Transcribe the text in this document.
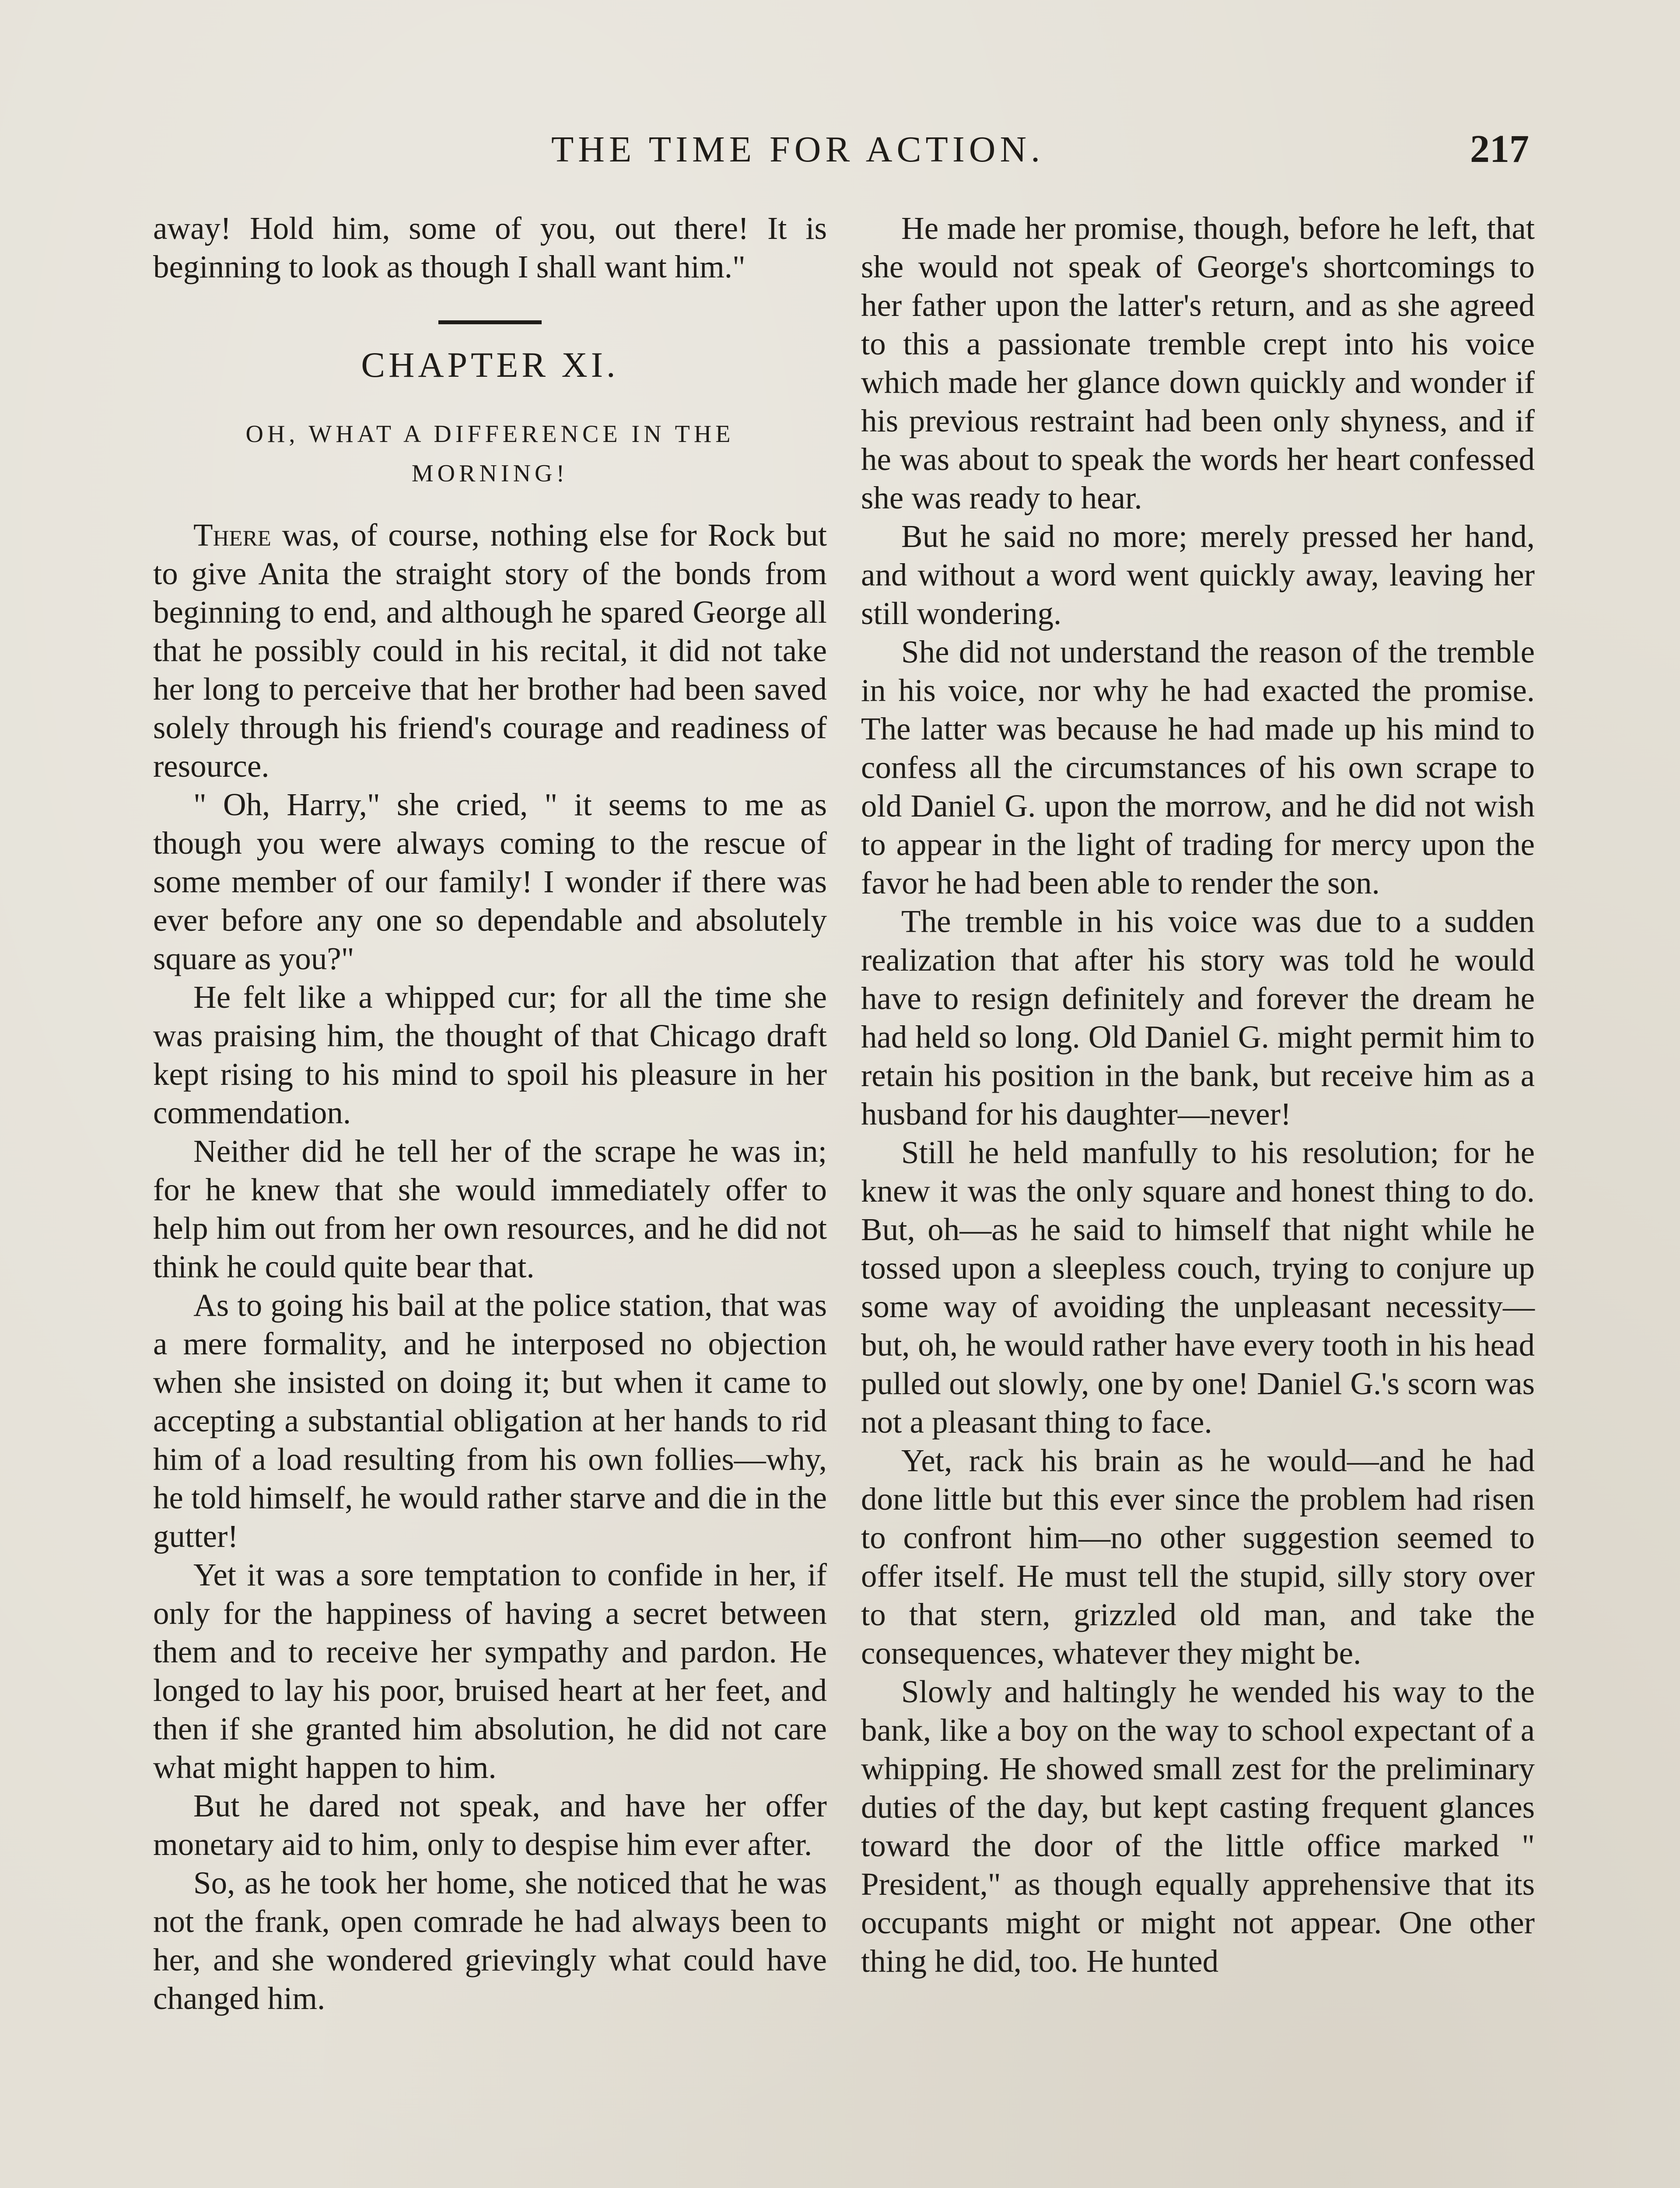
THE TIME FOR ACTION.	217

away! Hold him, some of you, out there! It is beginning to look as though I shall want him."

CHAPTER XI.
OH, WHAT A DIFFERENCE IN THE MORNING!

There was, of course, nothing else for Rock but to give Anita the straight story of the bonds from beginning to end, and although he spared George all that he possibly could in his recital, it did not take her long to perceive that her brother had been saved solely through his friend's courage and readiness of resource.

" Oh, Harry," she cried, " it seems to me as though you were always coming to the rescue of some member of our family! I wonder if there was ever before any one so dependable and absolutely square as you?"

He felt like a whipped cur; for all the time she was praising him, the thought of that Chicago draft kept rising to his mind to spoil his pleasure in her commendation.

Neither did he tell her of the scrape he was in; for he knew that she would immediately offer to help him out from her own resources, and he did not think he could quite bear that.

As to going his bail at the police station, that was a mere formality, and he interposed no objection when she insisted on doing it; but when it came to accepting a substantial obligation at her hands to rid him of a load resulting from his own follies—why, he told himself, he would rather starve and die in the gutter!

Yet it was a sore temptation to confide in her, if only for the happiness of having a secret between them and to receive her sympathy and pardon. He longed to lay his poor, bruised heart at her feet, and then if she granted him absolution, he did not care what might happen to him.

But he dared not speak, and have her offer monetary aid to him, only to despise him ever after.

So, as he took her home, she noticed that he was not the frank, open comrade he had always been to her, and she wondered grievingly what could have changed him.

He made her promise, though, before he left, that she would not speak of George's shortcomings to her father upon the latter's return, and as she agreed to this a passionate tremble crept into his voice which made her glance down quickly and wonder if his previous restraint had been only shyness, and if he was about to speak the words her heart confessed she was ready to hear.

But he said no more; merely pressed her hand, and without a word went quickly away, leaving her still wondering.

She did not understand the reason of the tremble in his voice, nor why he had exacted the promise. The latter was because he had made up his mind to confess all the circumstances of his own scrape to old Daniel G. upon the morrow, and he did not wish to appear in the light of trading for mercy upon the favor he had been able to render the son.

The tremble in his voice was due to a sudden realization that after his story was told he would have to resign definitely and forever the dream he had held so long. Old Daniel G. might permit him to retain his position in the bank, but receive him as a husband for his daughter—never!

Still he held manfully to his resolution; for he knew it was the only square and honest thing to do. But, oh—as he said to himself that night while he tossed upon a sleepless couch, trying to conjure up some way of avoiding the unpleasant necessity—but, oh, he would rather have every tooth in his head pulled out slowly, one by one! Daniel G.'s scorn was not a pleasant thing to face.

Yet, rack his brain as he would—and he had done little but this ever since the problem had risen to confront him—no other suggestion seemed to offer itself. He must tell the stupid, silly story over to that stern, grizzled old man, and take the consequences, whatever they might be.

Slowly and haltingly he wended his way to the bank, like a boy on the way to school expectant of a whipping. He showed small zest for the preliminary duties of the day, but kept casting frequent glances toward the door of the little office marked " President," as though equally apprehensive that its occupants might or might not appear. One other thing he did, too. He hunted
